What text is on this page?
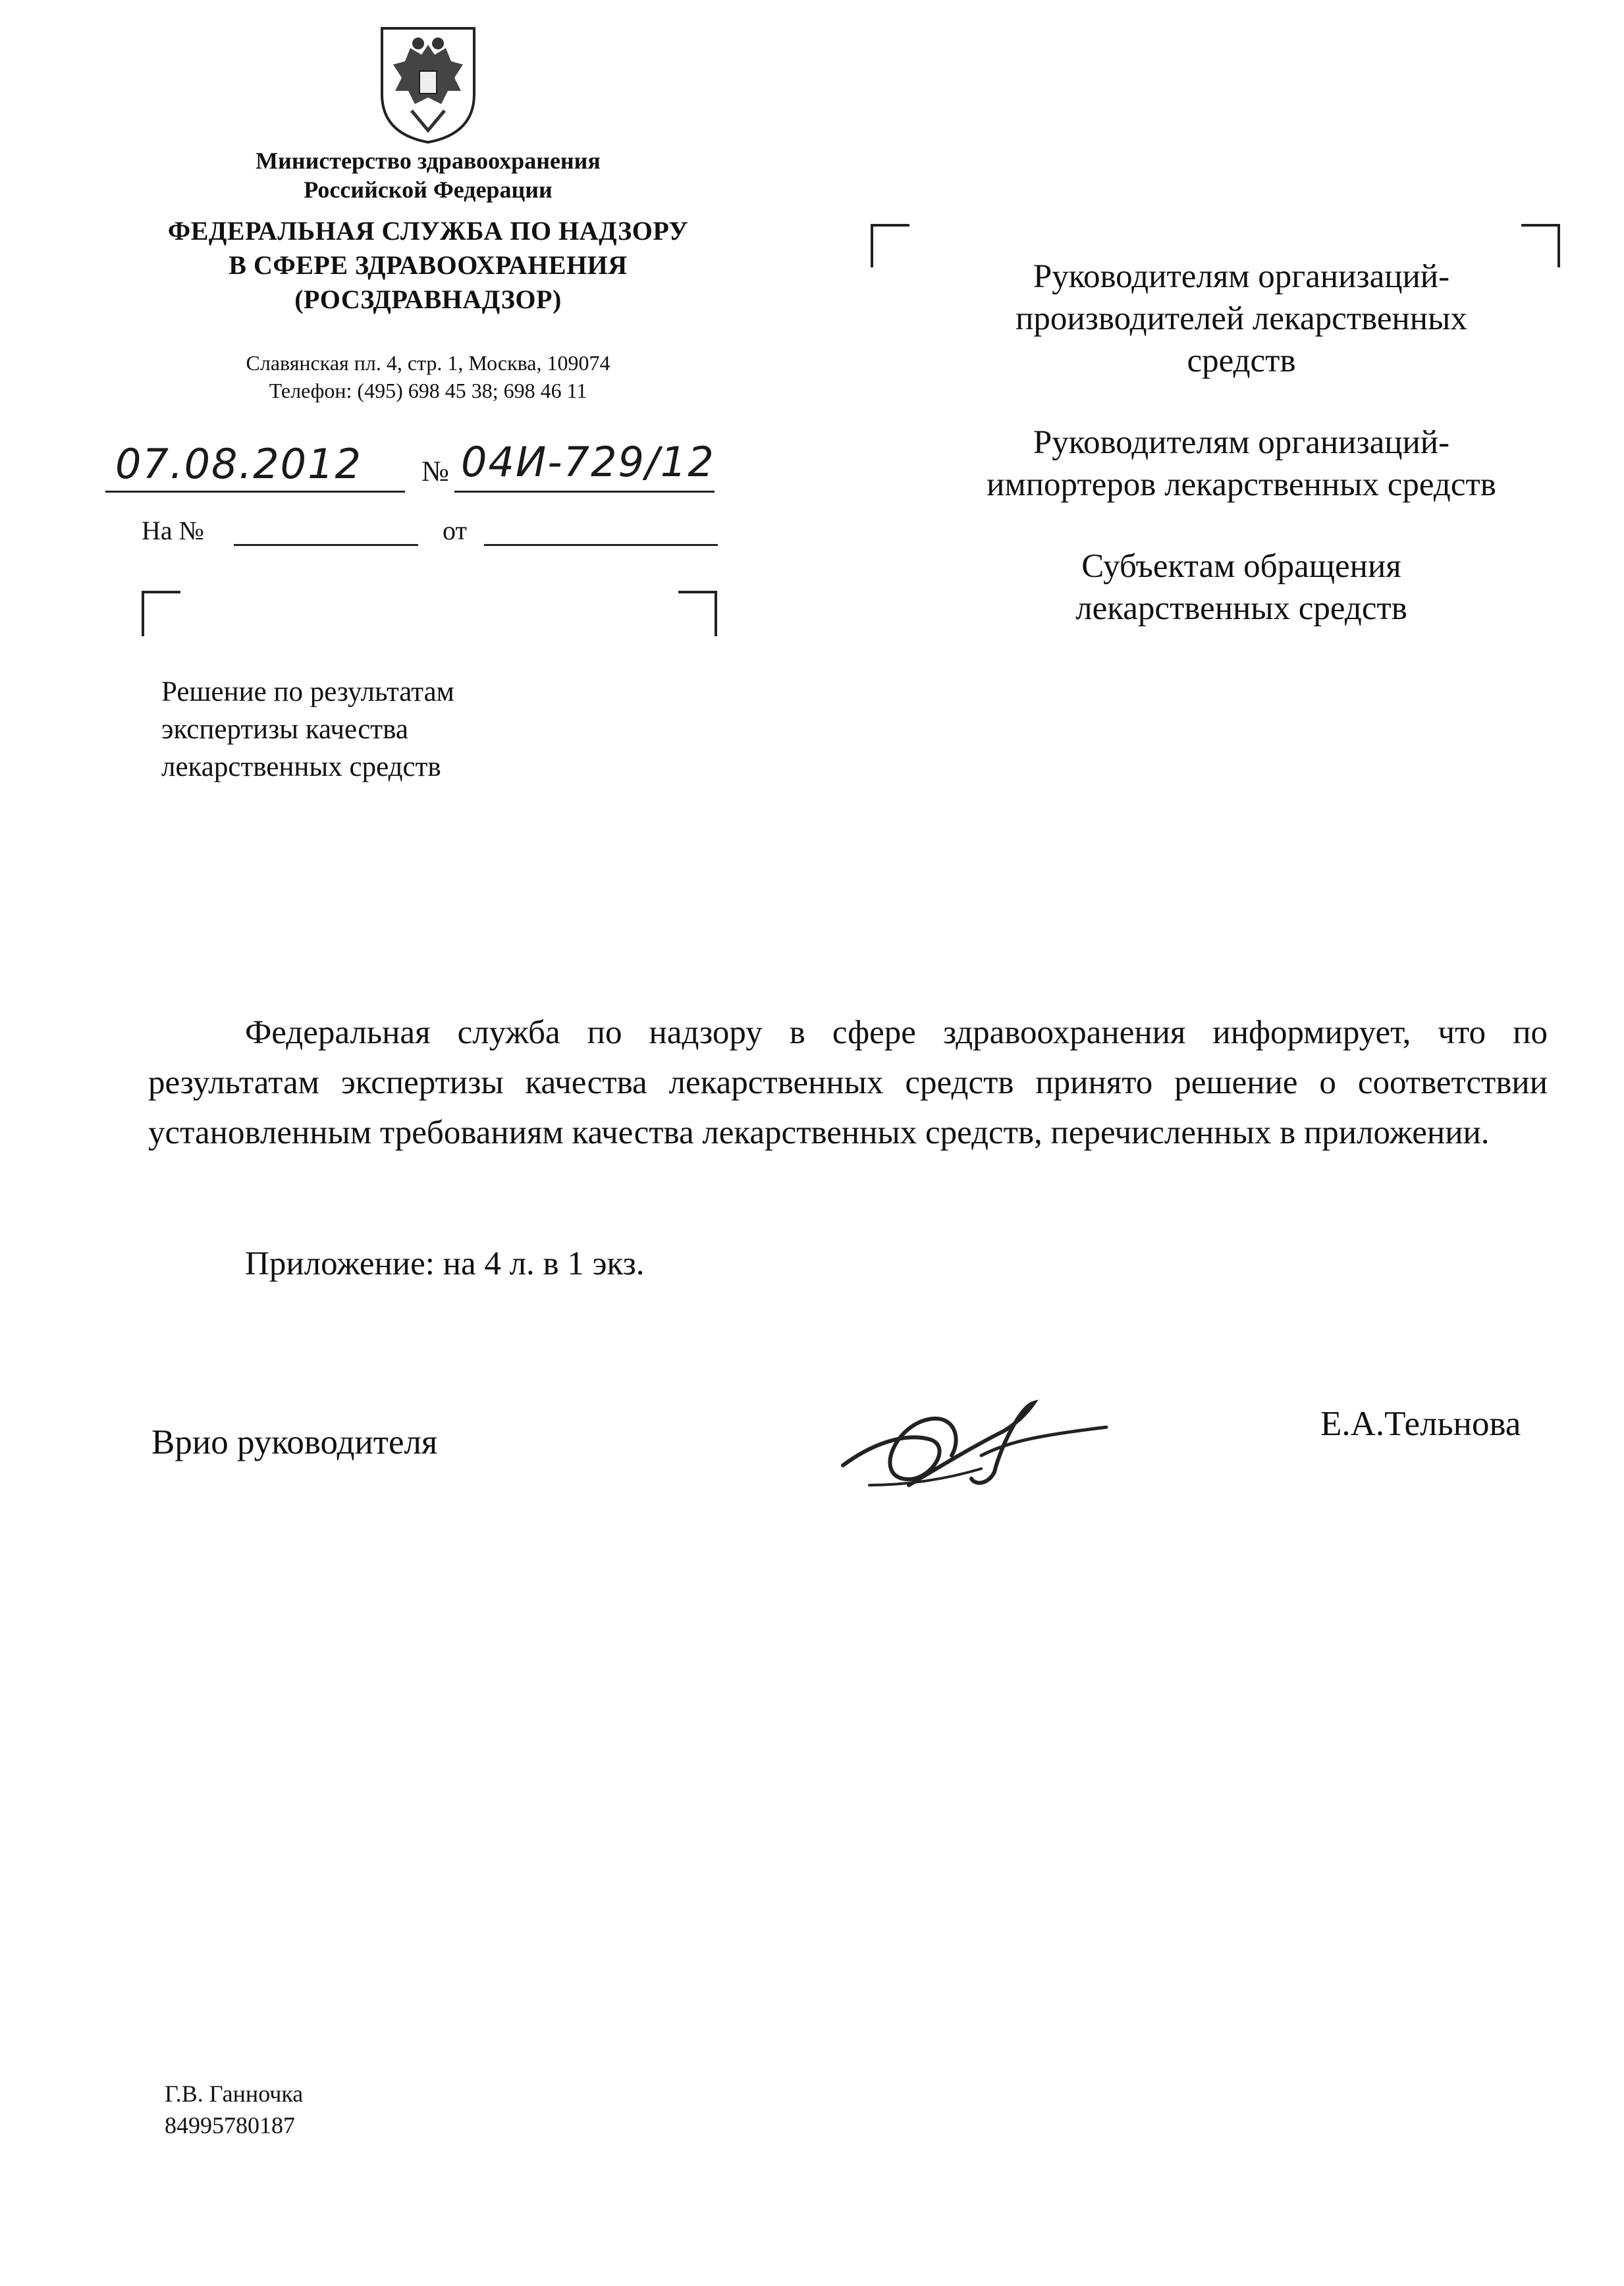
Министерство здравоохранения
Российской Федерации
ФЕДЕРАЛЬНАЯ СЛУЖБА ПО НАДЗОРУ
В СФЕРЕ ЗДРАВООХРАНЕНИЯ
(РОСЗДРАВНАДЗОР)
Славянская пл. 4, стр. 1, Москва, 109074
Телефон: (495) 698 45 38; 698 46 11
07.08.2012 № 04И-729/12
На №	от
Решение по результатам
экспертизы качества
лекарственных средств

Руководителям организаций-
производителей лекарственных
средств

Руководителям организаций-
импортеров лекарственных средств

Субъектам обращения
лекарственных средств

Федеральная служба по надзору в сфере здравоохранения информирует, что по результатам экспертизы качества лекарственных средств принято решение о соответствии установленным требованиям качества лекарственных средств, перечисленных в приложении.

Приложение: на 4 л. в 1 экз.
Врио руководителя	Е.А.Тельнова
Г.В. Ганночка
84995780187
